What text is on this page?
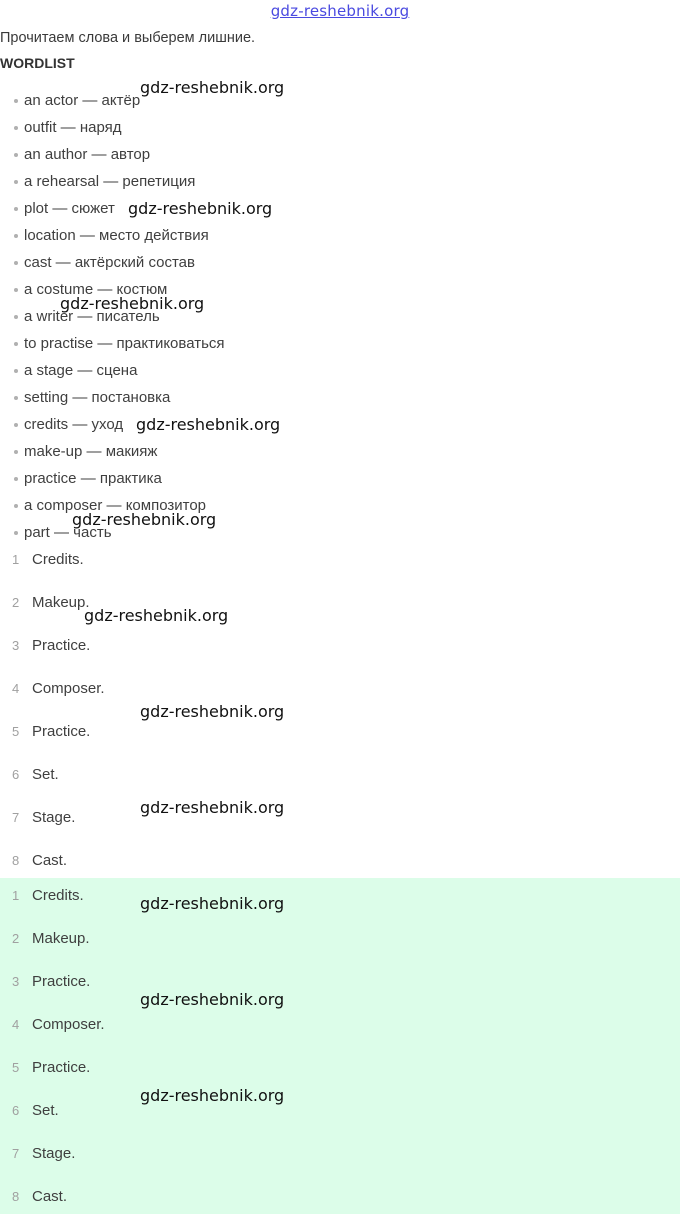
gdz-reshebnik.org
Прочитаем слова и выберем лишние.
WORDLIST
an actor — актёр
outfit — наряд
an author — автор
a rehearsal — репетиция
plot — сюжет
location — место действия
cast — актёрский состав
a costume — костюм
a writer — писатель
to practise — практиковаться
a stage — сцена
setting — постановка
credits — уход
make-up — макияж
practice — практика
a composer — композитор
part — часть
1 Credits.
2 Makeup.
3 Practice.
4 Composer.
5 Practice.
6 Set.
7 Stage.
8 Cast.
1 Credits.
2 Makeup.
3 Practice.
4 Composer.
5 Practice.
6 Set.
7 Stage.
8 Cast.
gdz-reshebnik.org
gdz-reshebnik.org
gdz-reshebnik.org
gdz-reshebnik.org
gdz-reshebnik.org
gdz-reshebnik.org
gdz-reshebnik.org
gdz-reshebnik.org
gdz-reshebnik.org
gdz-reshebnik.org
gdz-reshebnik.org
